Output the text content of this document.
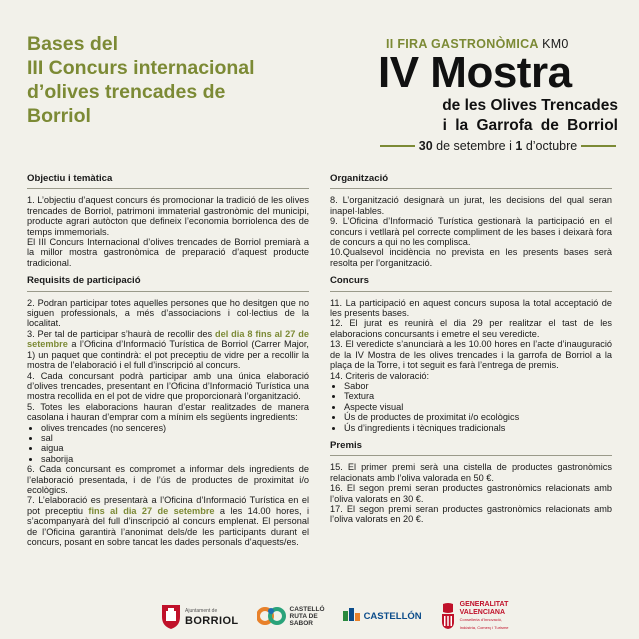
Bases del
III Concurs internacional
d’olives trencades de
Borriol
II FIRA GASTRONÒMICA KM0
IV Mostra
de les Olives Trencades
i la Garrofa de Borriol
30 de setembre i 1 d’octubre
Objectiu i temàtica

1. L’objectiu d’aquest concurs és promocionar la tradició de les olives trencades de Borriol, patrimoni immaterial gastronòmic del municipi, producte agrari autòcton que defineix l’economia borriolenca des de temps immemorials.

El III Concurs Internacional d’olives trencades de Borriol premiarà a la millor mostra gastronòmica de preparació d’aquest producte tradicional.

Requisits de participació

2. Podran participar totes aquelles persones que ho desitgen que no siguen professionals, a més d’associacions i col·lectius de la localitat.

3. Per tal de participar s’haurà de recollir des del dia 8 fins al 27 de setembre a l’Oficina d’Informació Turística de Borriol (Carrer Major, 1) un paquet que contindrà: el pot preceptiu de vidre per a recollir la mostra de l’elaboració i el full d’inscripció al concurs.

4. Cada concursant podrà participar amb una única elaboració d’olives trencades, presentant en l’Oficina d’Informació Turística una mostra recollida en el pot de vidre que proporcionarà l’organització.

5. Totes les elaboracions hauran d’estar realitzades de manera casolana i hauran d’emprar com a mínim els següents ingredients:

• olives trencades (no senceres)
• sal
• aigua
• saborija

6. Cada concursant es compromet a informar dels ingredients de l’elaboració presentada, i de l’ús de productes de proximitat i/o ecològics.

7. L’elaboració es presentarà a l’Oficina d’Informació Turística en el pot preceptiu fins al dia 27 de setembre a les 14.00 hores, i s’acompanyarà del full d’inscripció al concurs emplenat. El personal de l’Oficina garantirà l’anonimat dels/de les participants durant el concurs, posant en sobre tancat les dades personals d’aquests/es.

Organització

8. L’organització designarà un jurat, les decisions del qual seran inapel·lables.

9. L’Oficina d’Informació Turística gestionarà la participació en el concurs i vetllarà pel correcte compliment de les bases i deixarà fora de concurs a qui no les complisca.

10.Qualsevol incidència no prevista en les presents bases serà resolta per l’organització.

Concurs

11. La participació en aquest concurs suposa la total acceptació de les presents bases.

12. El jurat es reunirà el dia 29 per realitzar el tast de les elaboracions concursants i emetre el seu veredicte.

13. El veredicte s’anunciarà a les 10.00 hores en l’acte d’inauguració de la IV Mostra de les olives trencades i la garrofa de Borriol a la plaça de la Torre, i tot seguit es farà l’entrega de premis.

14. Criteris de valoració:

• Sabor
• Textura
• Aspecte visual
• Ús de productes de proximitat i/o ecològics
• Ús d’ingredients i tècniques tradicionals
Premis

15. El primer premi serà una cistella de productes gastronòmics relacionats amb l’oliva valorada en 50 €.

16. El segon premi seran productes gastronòmics relacionats amb l’oliva valorats en 30 €.

17. El segon premi seran productes gastronòmics relacionats amb l’oliva valorats en 20 €.

Ajuntament de
BORRIOL
CASTELLÓ
RUTA DE
SABOR
CASTELLÓN
GENERALITAT
VALENCIANA
Conselleria d’Innovació,
Indústria, Comerç i Turisme
